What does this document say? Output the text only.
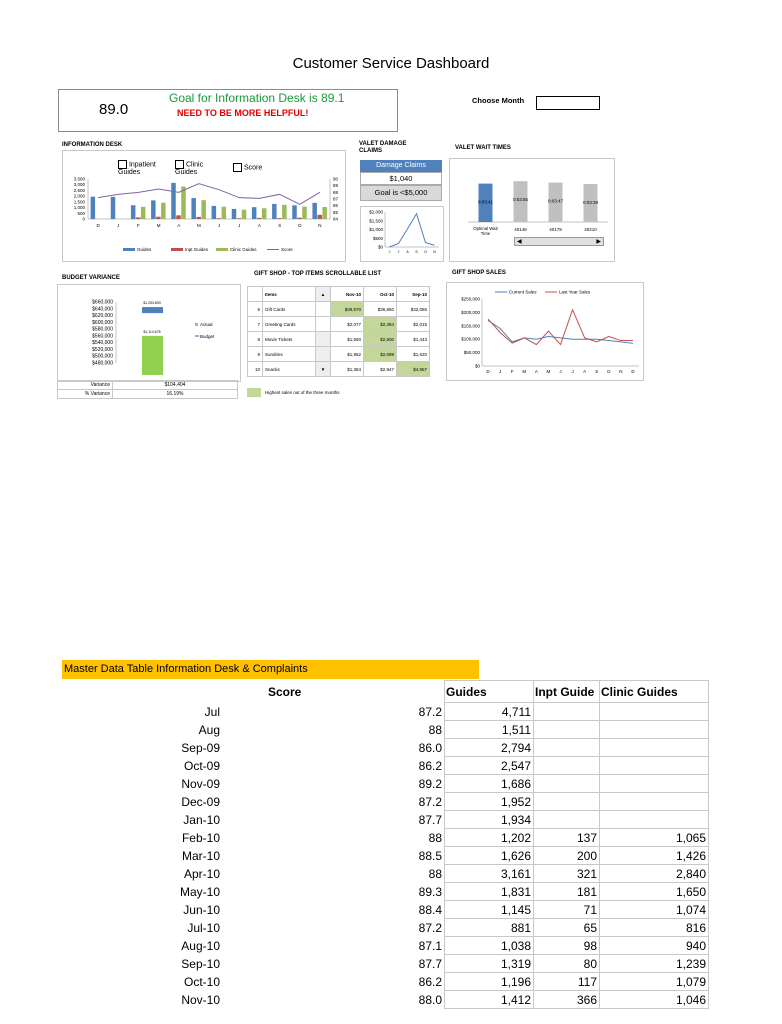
Customer Service Dashboard
89.0
Goal for Information Desk is 89.1
NEED TO BE MORE HELPFUL!
Choose Month
INFORMATION DESK
Inpatient Guides
Clinic Guides
Score
3,500
3,000
2,500
2,000
1,500
1,000
500
0
90
89
88
87
86
85
84
D	J	F	M	A	M	J	J	A	S	O	N
Guides	Inpt Guides	Clinic Guides	Score
VALET DAMAGE CLAIMS
Damage Claims
$1,040
Goal is <$5,000
$2,000
$1,500
$1,000
$500
$0
J J A S O N
VALET WAIT TIMES
0:03:41	0:03:55	0:03:47	0:03:39
Optimal Wait
Time
40148	40179	40210
◀	▶
BUDGET VARIANCE
$660,000
$640,000
$620,000
$600,000
$580,000
$560,000
$540,000
$520,000
$500,000
$480,000
$1,253,893
$1,114,678
Actual
Budget
Variance	$104,404
% Variance	16.19%
GIFT SHOP - TOP ITEMS SCROLLABLE LIST
	Items	▲	Nov-10	Oct-10	Sep-10
6	Gift Cards		$39,570	$36,850	$32,065
7	Greeting Cards		$2,077	$2,394	$2,015
8	Movie Tickets		$1,550	$2,500	$1,443
9	Sundries		$1,952	$2,099	$1,620
10	Snacks	▼	$1,384	$2,947	$4,957
Highest sales out of the three months
GIFT SHOP SALES
$250,000
$200,000
$150,000
$100,000
$50,000
$0
D J F M A M J J A S O N D
Current Sales	Last Year Sales
Master Data Table Information Desk & Complaints
	Score	Guides	Inpt Guide	Clinic Guides
Jul	87.2	4,711		
Aug	88	1,511		
Sep-09	86.0	2,794		
Oct-09	86.2	2,547		
Nov-09	89.2	1,686		
Dec-09	87.2	1,952		
Jan-10	87.7	1,934		
Feb-10	88	1,202	137	1,065
Mar-10	88.5	1,626	200	1,426
Apr-10	88	3,161	321	2,840
May-10	89.3	1,831	181	1,650
Jun-10	88.4	1,145	71	1,074
Jul-10	87.2	881	65	816
Aug-10	87.1	1,038	98	940
Sep-10	87.7	1,319	80	1,239
Oct-10	86.2	1,196	117	1,079
Nov-10	88.0	1,412	366	1,046
